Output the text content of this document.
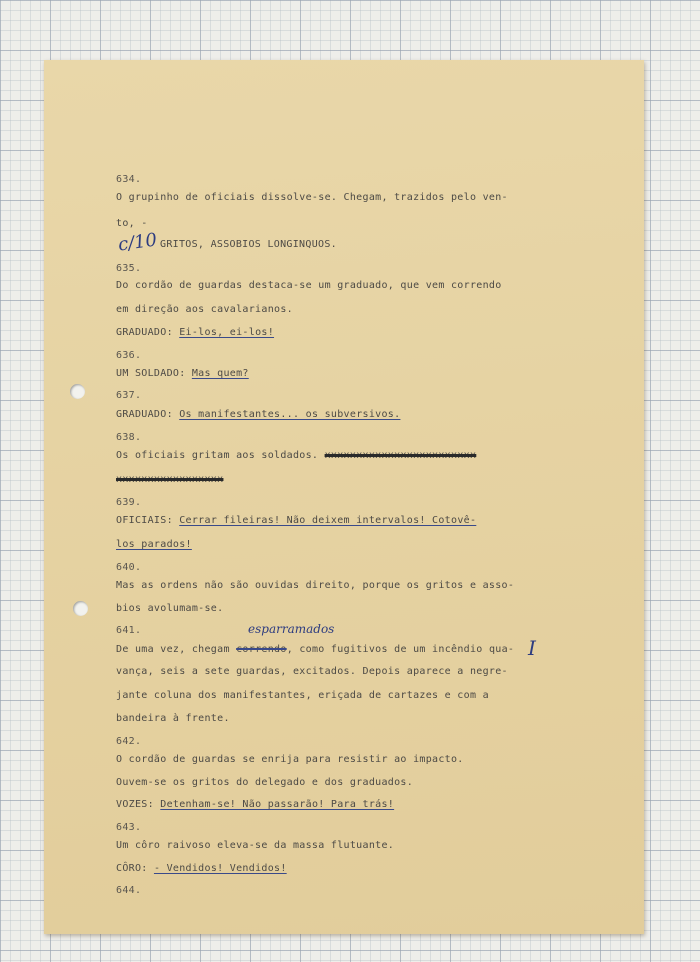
634.
O grupinho de oficiais dissolve-se. Chegam, trazidos pelo ven-
to, -
c/10 GRITOS, ASSOBIOS LONGINQUOS.
635.
Do cordão de guardas destaca-se um graduado, que vem correndo
em direção aos cavalarianos.
GRADUADO: Ei-los, ei-los!
636.
UM SOLDADO: Mas quem?
637.
GRADUADO: Os manifestantes... os subversivos.
638.
Os oficiais gritam aos soldados. xxxxxxxxxxxxxxxxxxxxxxxx
xxxxxxxxxxxxxxxxx
639.
OFICIAIS: Cerrar fileiras! Não deixem intervalos! Cotovê-
los parados!
640.
Mas as ordens não são ouvidas direito, porque os gritos e asso-
bios avolumam-se.
641.	esparramados
De uma vez, chegam correndo, como fugitivos de um incêndio qua- I
vança, seis a sete guardas, excitados. Depois aparece a negre-
jante coluna dos manifestantes, eriçada de cartazes e com a
bandeira à frente.
642.
O cordão de guardas se enrija para resistir ao impacto.
Ouvem-se os gritos do delegado e dos graduados.
VOZES: Detenham-se! Não passarão! Para trás!
643.
Um côro raivoso eleva-se da massa flutuante.
CÔRO: - Vendidos! Vendidos!
644.
